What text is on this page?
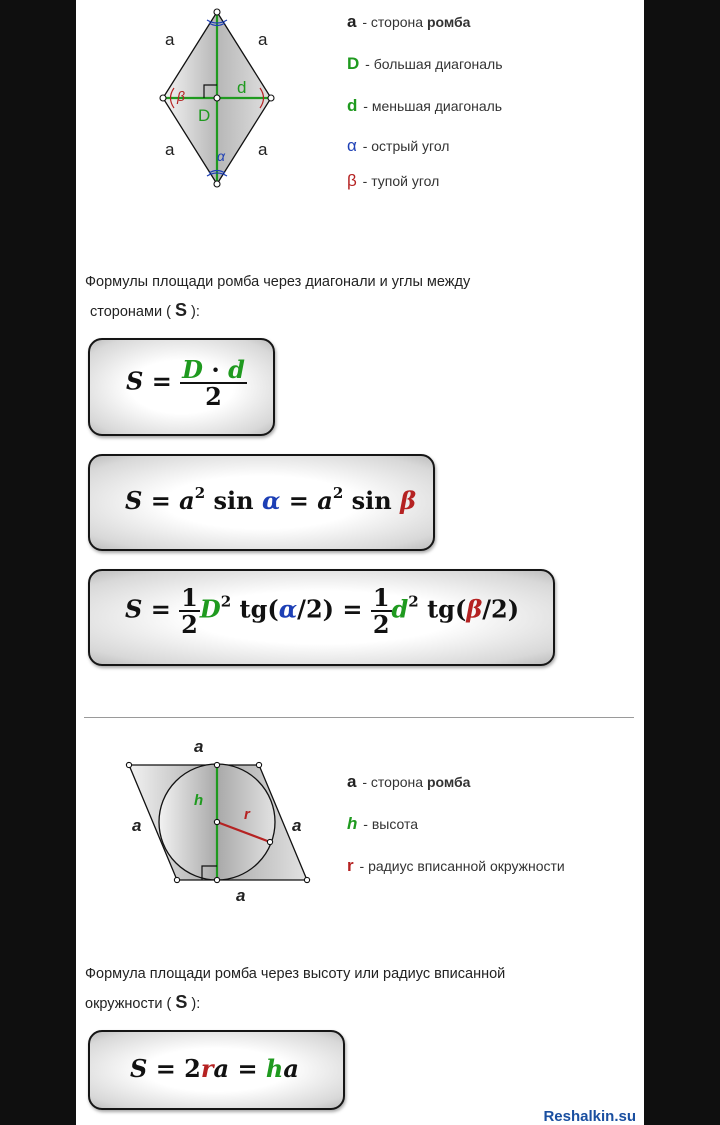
a	a
a	a
D
d
α
β
a - сторона ромба
D - большая диагональ
d - меньшая диагональ
α - острый угол
β - тупой угол
Формулы площади ромба через диагонали и углы между
сторонами ( S ):
$S = \frac{D \cdot d}{2}$
$S = a^2$ $\sin \alpha = a^2$ sin β
$S = \frac{1}{2} D^2$ $tg(\alpha/2) = \frac{1}{2} d^2$ tg(β/2)
a
a	a
a
h
r
a - сторона ромба
h - высота
r - радиус вписанной окружности
Формула площади ромба через высоту или радиус вписанной
окружности ( S ):
S = 2ra = ha
Reshalkin.su
